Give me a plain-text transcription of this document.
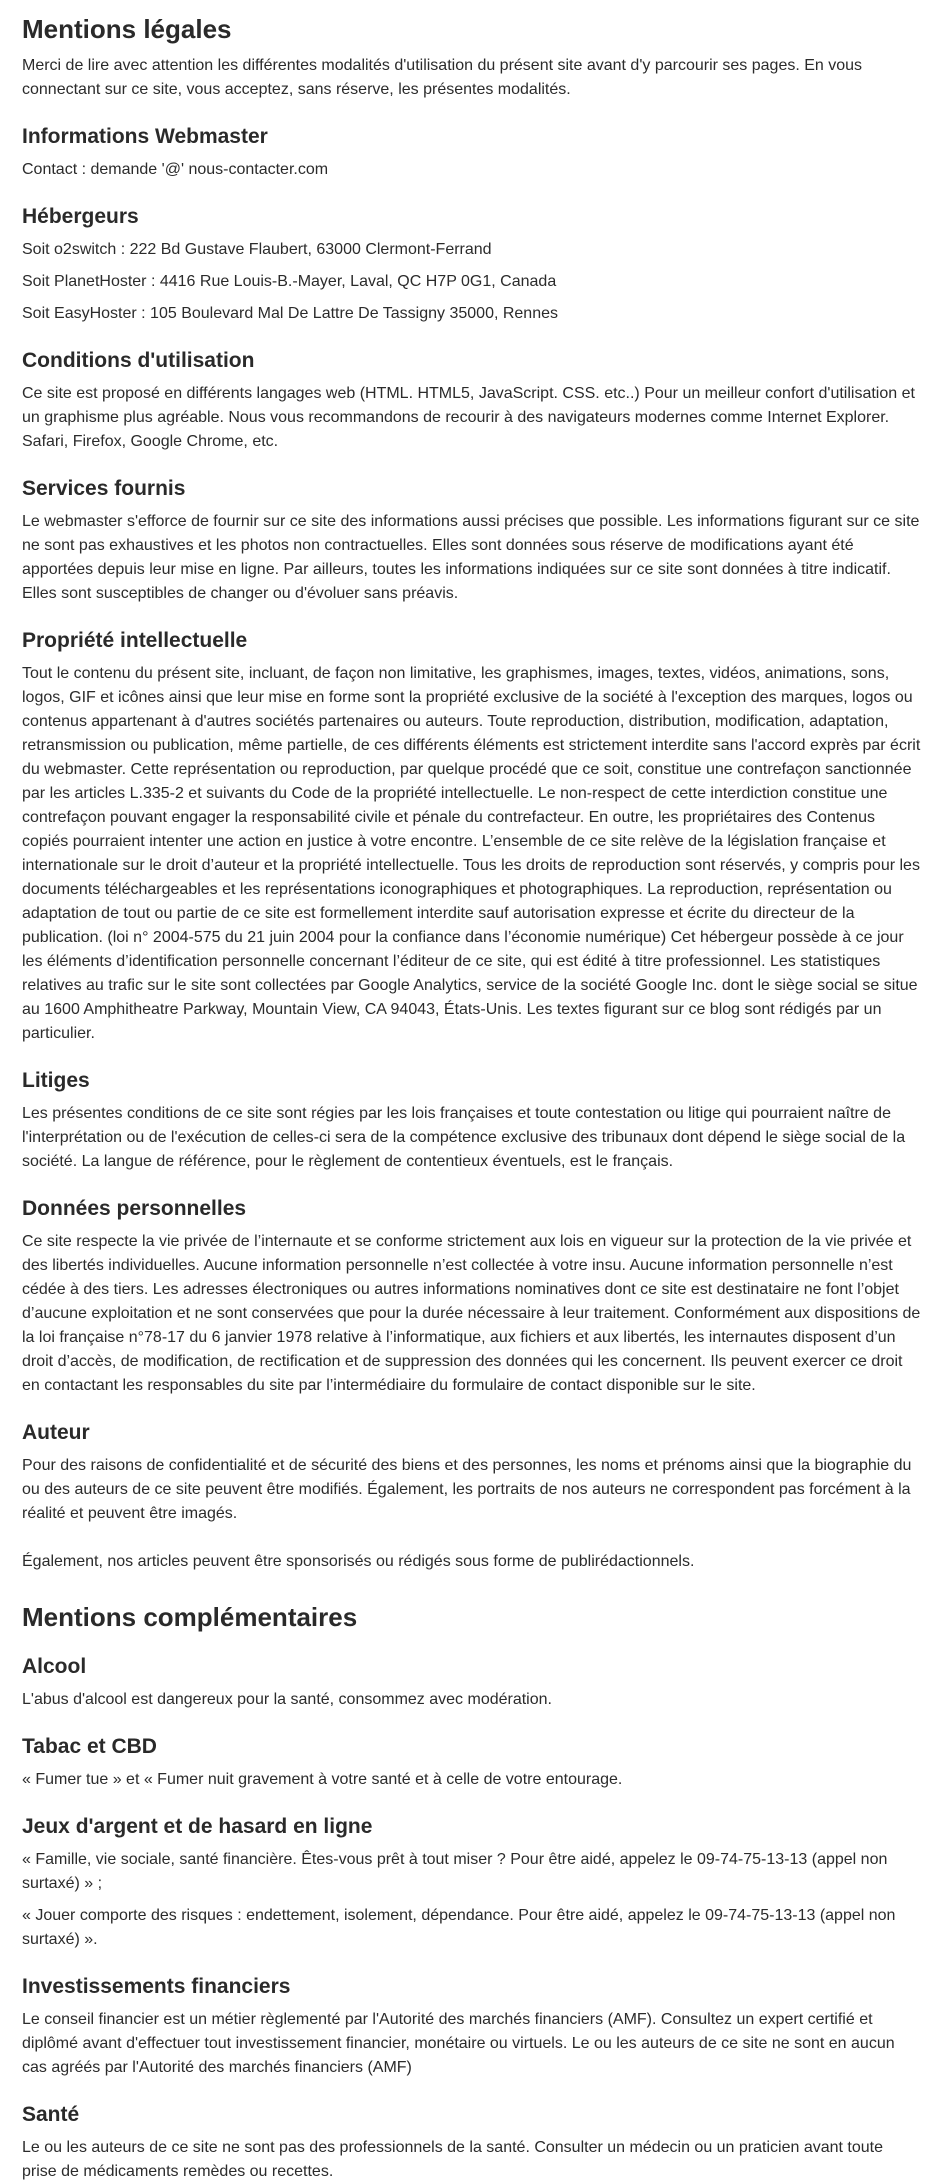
Mentions légales

Merci de lire avec attention les différentes modalités d'utilisation du présent site avant d'y parcourir ses pages. En vous connectant sur ce site, vous acceptez, sans réserve, les présentes modalités.

Informations Webmaster

Contact : demande '@' nous-contacter.com

Hébergeurs

Soit o2switch : 222 Bd Gustave Flaubert, 63000 Clermont-Ferrand

Soit PlanetHoster : 4416 Rue Louis-B.-Mayer, Laval, QC H7P 0G1, Canada

Soit EasyHoster : 105 Boulevard Mal De Lattre De Tassigny 35000, Rennes

Conditions d'utilisation

Ce site est proposé en différents langages web (HTML. HTML5, JavaScript. CSS. etc..) Pour un meilleur confort d'utilisation et un graphisme plus agréable. Nous vous recommandons de recourir à des navigateurs modernes comme Internet Explorer. Safari, Firefox, Google Chrome, etc.

Services fournis

Le webmaster s'efforce de fournir sur ce site des informations aussi précises que possible. Les informations figurant sur ce site ne sont pas exhaustives et les photos non contractuelles. Elles sont données sous réserve de modifications ayant été apportées depuis leur mise en ligne. Par ailleurs, toutes les informations indiquées sur ce site sont données à titre indicatif. Elles sont susceptibles de changer ou d'évoluer sans préavis.

Propriété intellectuelle

Tout le contenu du présent site, incluant, de façon non limitative, les graphismes, images, textes, vidéos, animations, sons, logos, GIF et icônes ainsi que leur mise en forme sont la propriété exclusive de la société à l'exception des marques, logos ou contenus appartenant à d'autres sociétés partenaires ou auteurs. Toute reproduction, distribution, modification, adaptation, retransmission ou publication, même partielle, de ces différents éléments est strictement interdite sans l'accord exprès par écrit du webmaster. Cette représentation ou reproduction, par quelque procédé que ce soit, constitue une contrefaçon sanctionnée par les articles L.335-2 et suivants du Code de la propriété intellectuelle. Le non-respect de cette interdiction constitue une contrefaçon pouvant engager la responsabilité civile et pénale du contrefacteur. En outre, les propriétaires des Contenus copiés pourraient intenter une action en justice à votre encontre. L’ensemble de ce site relève de la législation française et internationale sur le droit d’auteur et la propriété intellectuelle. Tous les droits de reproduction sont réservés, y compris pour les documents téléchargeables et les représentations iconographiques et photographiques. La reproduction, représentation ou adaptation de tout ou partie de ce site est formellement interdite sauf autorisation expresse et écrite du directeur de la publication. (loi n° 2004-575 du 21 juin 2004 pour la confiance dans l’économie numérique) Cet hébergeur possède à ce jour les éléments d’identification personnelle concernant l’éditeur de ce site, qui est édité à titre professionnel. Les statistiques relatives au trafic sur le site sont collectées par Google Analytics, service de la société Google Inc. dont le siège social se situe au 1600 Amphitheatre Parkway, Mountain View, CA 94043, États-Unis. Les textes figurant sur ce blog sont rédigés par un particulier.

Litiges

Les présentes conditions de ce site sont régies par les lois françaises et toute contestation ou litige qui pourraient naître de l'interprétation ou de l'exécution de celles-ci sera de la compétence exclusive des tribunaux dont dépend le siège social de la société. La langue de référence, pour le règlement de contentieux éventuels, est le français.

Données personnelles

Ce site respecte la vie privée de l’internaute et se conforme strictement aux lois en vigueur sur la protection de la vie privée et des libertés individuelles. Aucune information personnelle n’est collectée à votre insu. Aucune information personnelle n’est cédée à des tiers. Les adresses électroniques ou autres informations nominatives dont ce site est destinataire ne font l’objet d’aucune exploitation et ne sont conservées que pour la durée nécessaire à leur traitement. Conformément aux dispositions de la loi française n°78-17 du 6 janvier 1978 relative à l’informatique, aux fichiers et aux libertés, les internautes disposent d’un droit d’accès, de modification, de rectification et de suppression des données qui les concernent. Ils peuvent exercer ce droit en contactant les responsables du site par l’intermédiaire du formulaire de contact disponible sur le site.

Auteur

Pour des raisons de confidentialité et de sécurité des biens et des personnes, les noms et prénoms ainsi que la biographie du ou des auteurs de ce site peuvent être modifiés. Également, les portraits de nos auteurs ne correspondent pas forcément à la réalité et peuvent être imagés.

Également, nos articles peuvent être sponsorisés ou rédigés sous forme de publirédactionnels.

Mentions complémentaires
Alcool

L'abus d'alcool est dangereux pour la santé, consommez avec modération.

Tabac et CBD

« Fumer tue » et « Fumer nuit gravement à votre santé et à celle de votre entourage.

Jeux d'argent et de hasard en ligne

« Famille, vie sociale, santé financière. Êtes-vous prêt à tout miser ? Pour être aidé, appelez le 09-74-75-13-13 (appel non surtaxé) » ;

« Jouer comporte des risques : endettement, isolement, dépendance. Pour être aidé, appelez le 09-74-75-13-13 (appel non surtaxé) ».

Investissements financiers

Le conseil financier est un métier règlementé par l'Autorité des marchés financiers (AMF). Consultez un expert certifié et diplômé avant d'effectuer tout investissement financier, monétaire ou virtuels. Le ou les auteurs de ce site ne sont en aucun cas agréés par l'Autorité des marchés financiers (AMF)

Santé

Le ou les auteurs de ce site ne sont pas des professionnels de la santé. Consulter un médecin ou un praticien avant toute prise de médicaments remèdes ou recettes.
